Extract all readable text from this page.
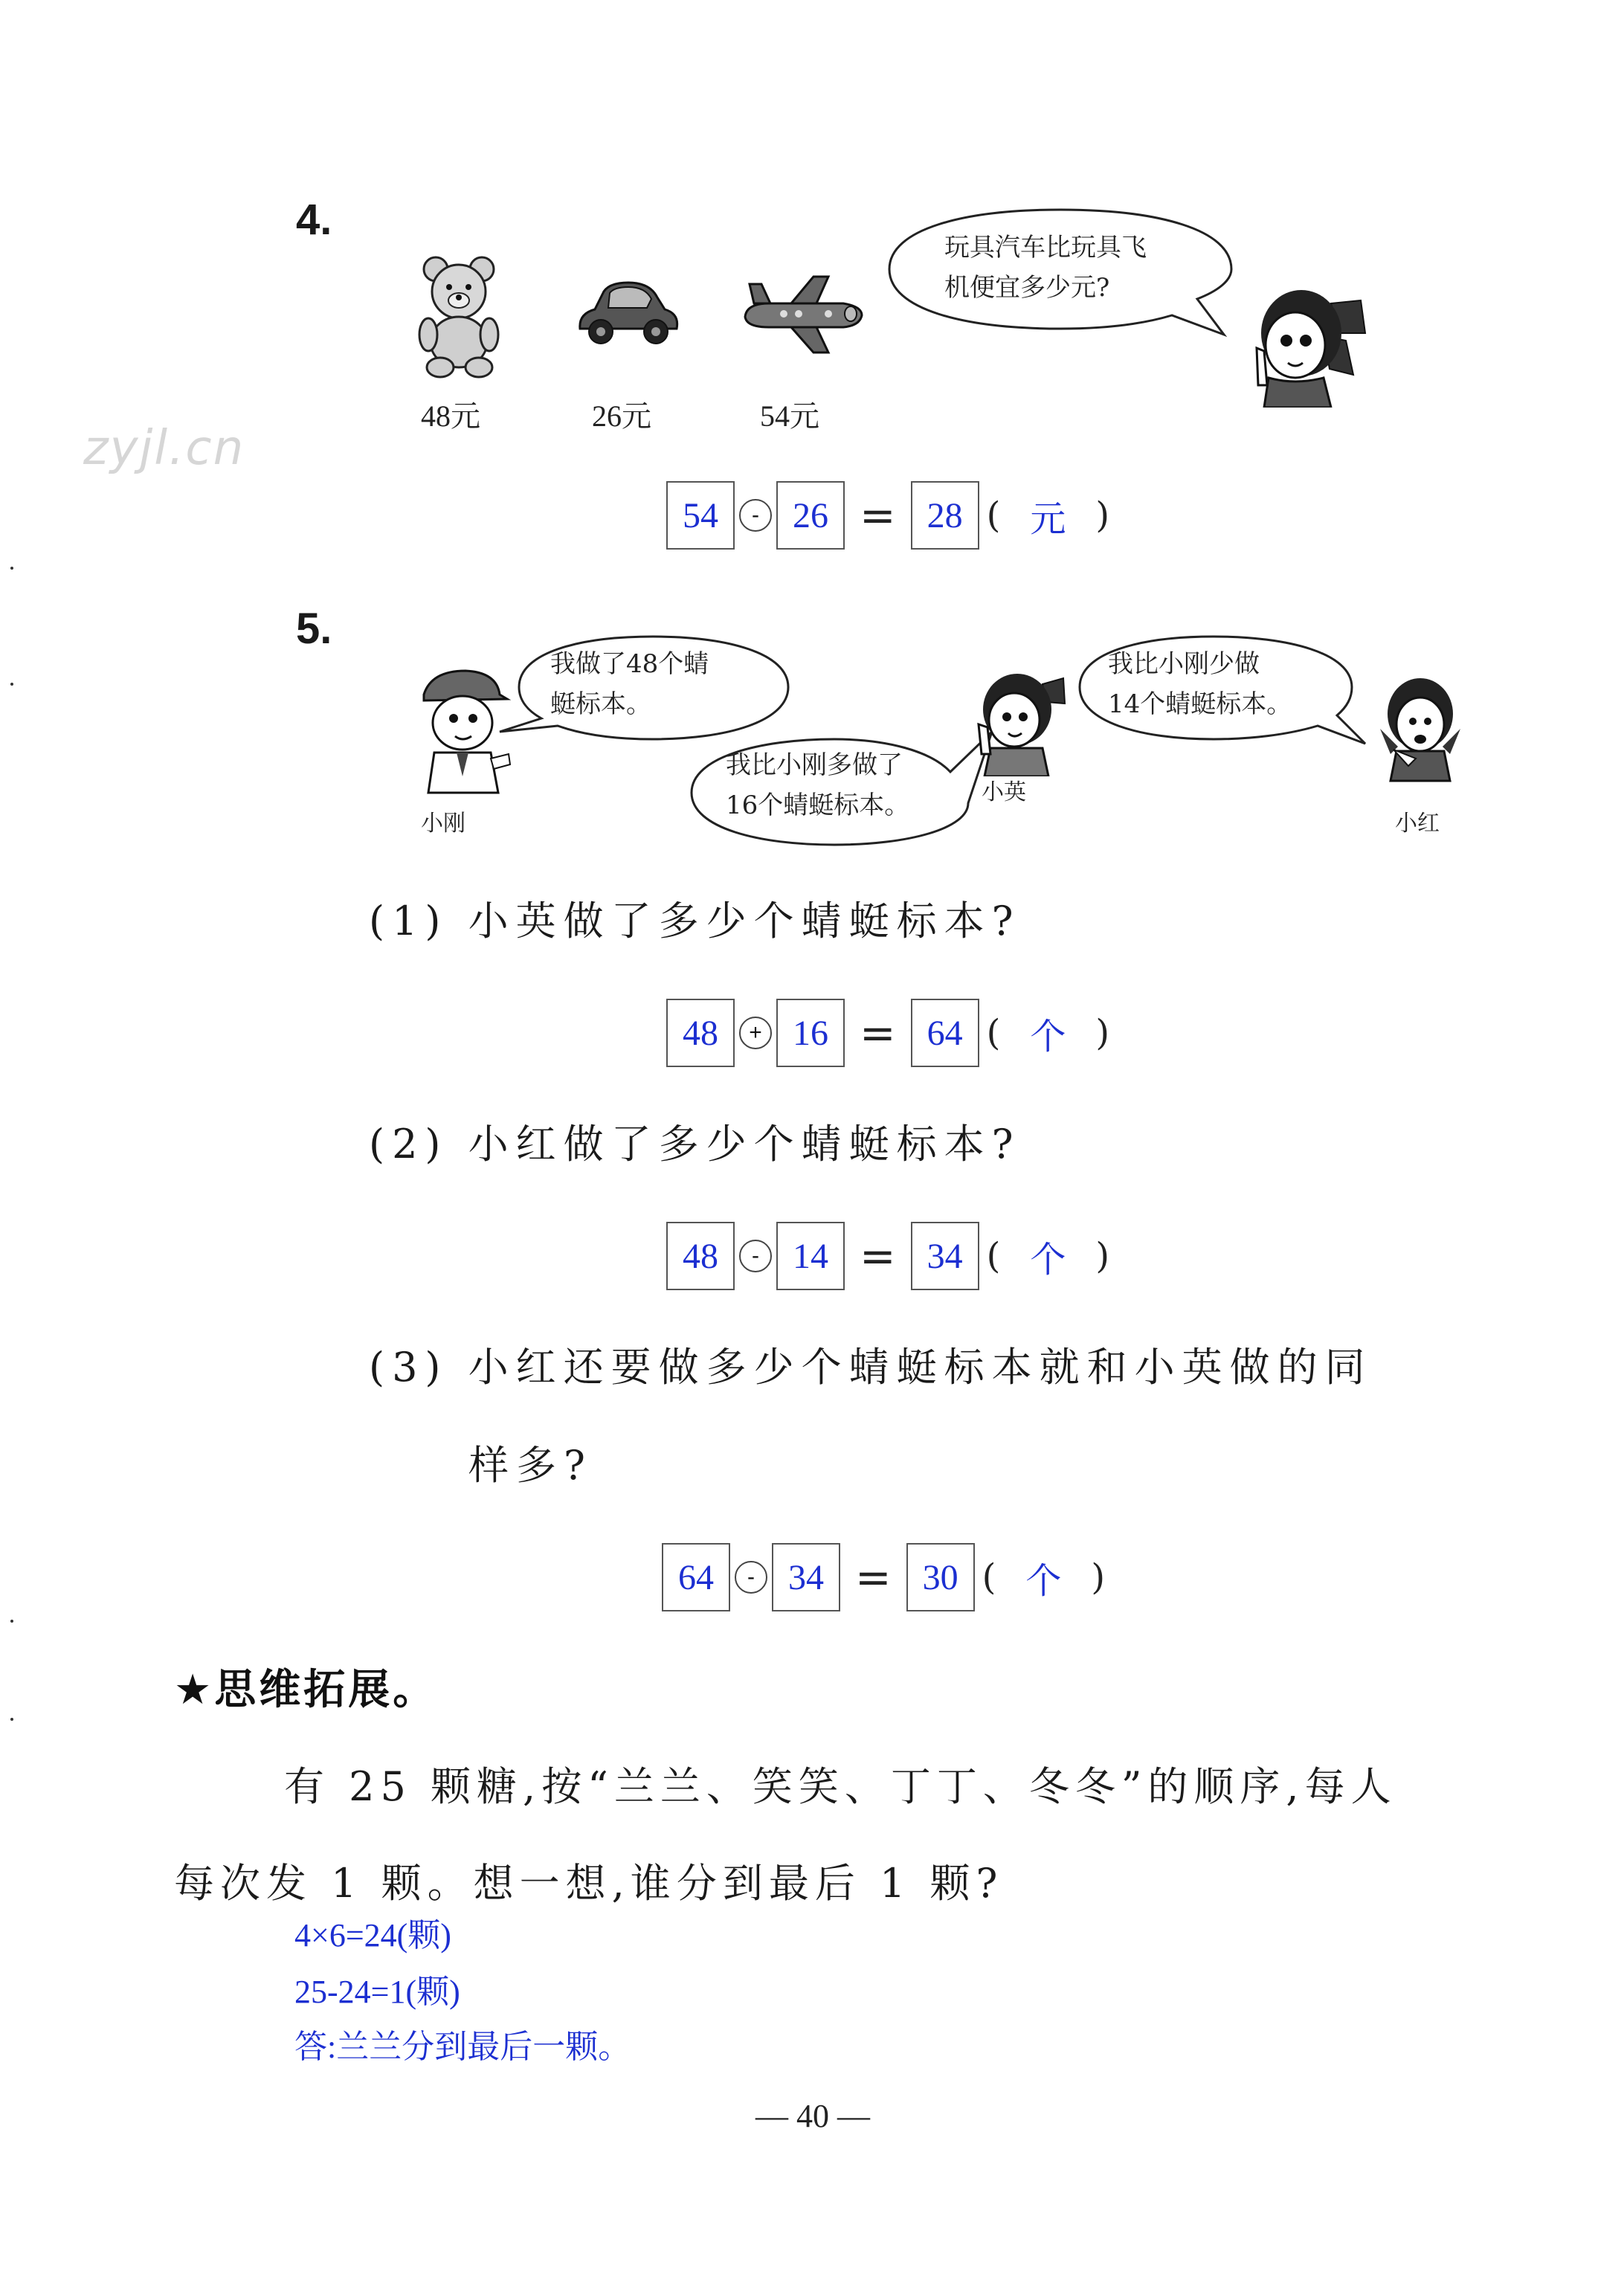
zyjl.cn
4.
48元	26元	54元
玩具汽车比玩具飞
机便宜多少元?
54	- 26 = 28 ( 元 )
5.
小刚
我做了48个蜻
蜓标本。
我比小刚多做了
16个蜻蜓标本。	小英
我比小刚少做
14个蜻蜓标本。
小红
(1) 小英做了多少个蜻蜓标本?
48	+ 16 = 64 ( 个 )
(2) 小红做了多少个蜻蜓标本?
48	- 14 = 34 ( 个 )
(3) 小红还要做多少个蜻蜓标本就和小英做的同
样多?
64	- 34 = 30 ( 个 )
★思维拓展。
有 25 颗糖,按“兰兰、笑笑、丁丁、冬冬”的顺序,每人
每次发 1 颗。想一想,谁分到最后 1 颗?
4×6=24(颗)
25-24=1(颗)
答:兰兰分到最后一颗。
— 40 —
